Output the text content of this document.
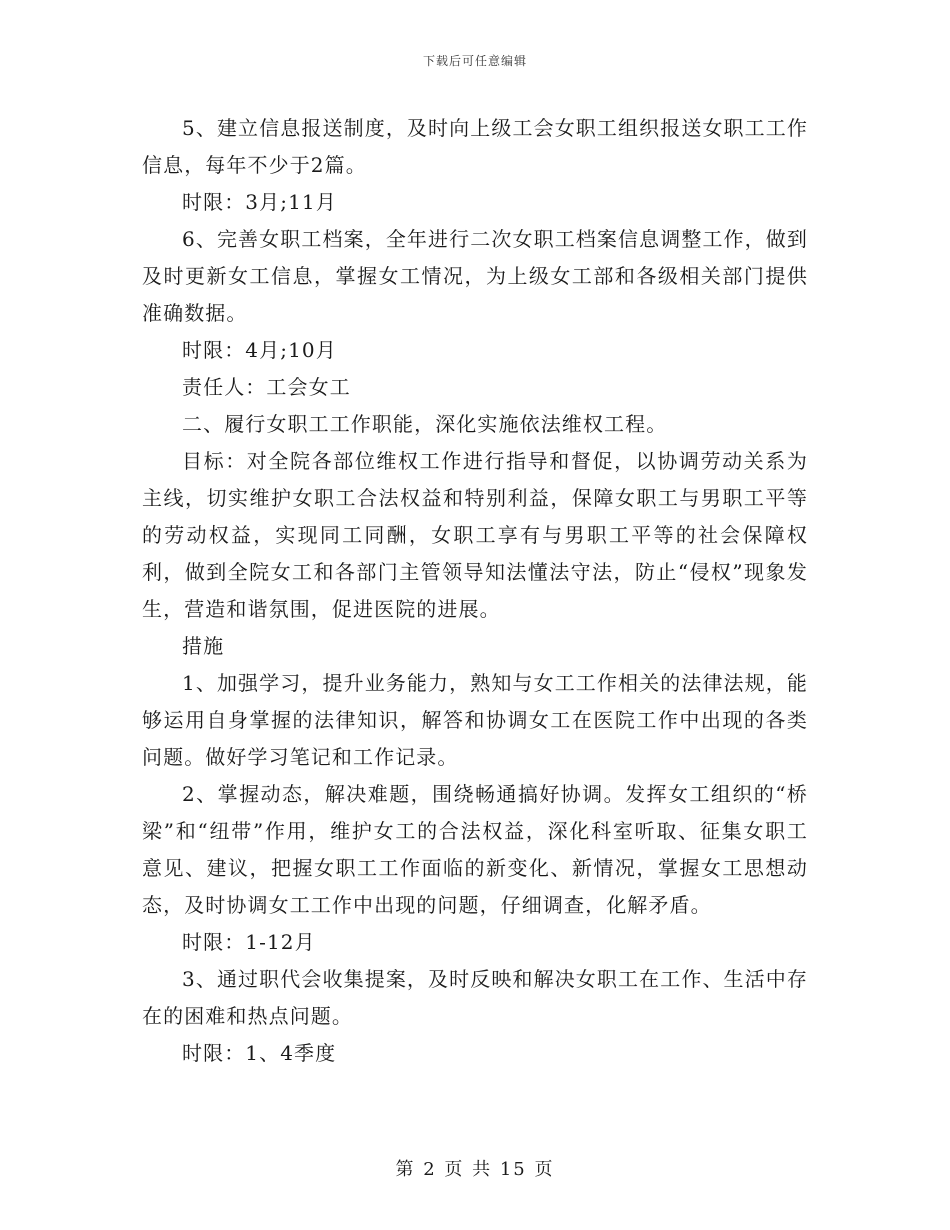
下载后可任意编辑

5、建立信息报送制度，及时向上级工会女职工组织报送女职工工作信息，每年不少于2篇。

时限：3月;11月

6、完善女职工档案，全年进行二次女职工档案信息调整工作，做到及时更新女工信息，掌握女工情况，为上级女工部和各级相关部门提供准确数据。

时限：4月;10月

责任人：工会女工

二、履行女职工工作职能，深化实施依法维权工程。

目标：对全院各部位维权工作进行指导和督促，以协调劳动关系为主线，切实维护女职工合法权益和特别利益，保障女职工与男职工平等的劳动权益，实现同工同酬，女职工享有与男职工平等的社会保障权利，做到全院女工和各部门主管领导知法懂法守法，防止“侵权”现象发生，营造和谐氛围，促进医院的进展。

措施

1、加强学习，提升业务能力，熟知与女工工作相关的法律法规，能够运用自身掌握的法律知识，解答和协调女工在医院工作中出现的各类问题。做好学习笔记和工作记录。

2、掌握动态，解决难题，围绕畅通搞好协调。发挥女工组织的“桥梁”和“纽带”作用，维护女工的合法权益，深化科室听取、征集女职工意见、建议，把握女职工工作面临的新变化、新情况，掌握女工思想动态，及时协调女工工作中出现的问题，仔细调查，化解矛盾。

时限：1-12月

3、通过职代会收集提案，及时反映和解决女职工在工作、生活中存在的困难和热点问题。

时限：1、4季度

第 2 页 共 15 页
